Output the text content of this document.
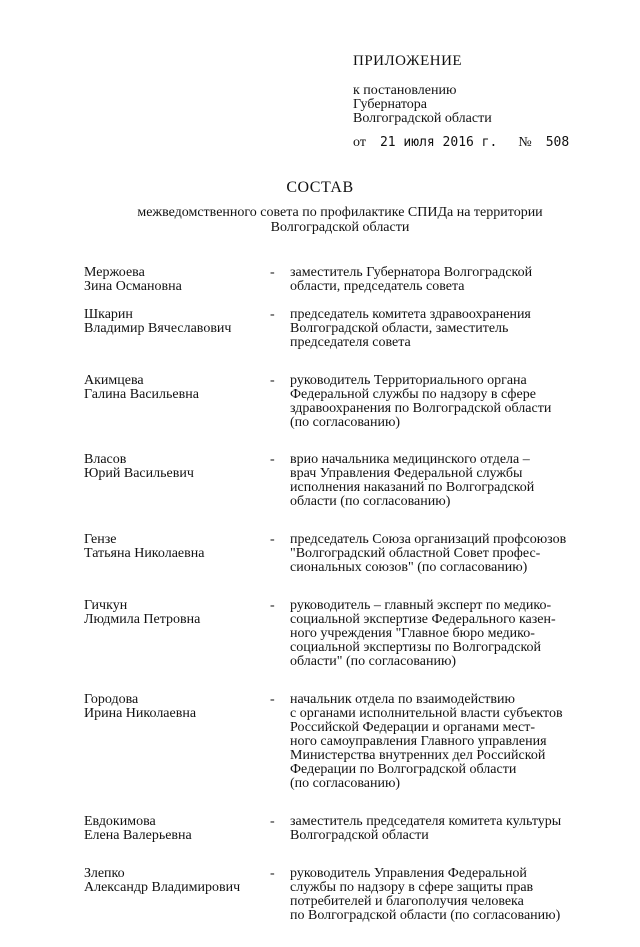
ПРИЛОЖЕНИЕ
к постановлению
Губернатора
Волгоградской области
от 21 июля 2016 г. № 508
СОСТАВ
межведомственного совета по профилактике СПИДа на территории
Волгоградской области
Мержоева
Зина Османовна
-	заместитель Губернатора Волгоградской
области, председатель совета
Шкарин
Владимир Вячеславович
-	председатель комитета здравоохранения
Волгоградской области, заместитель
председателя совета
Акимцева
Галина Васильевна
-	руководитель Территориального органа
Федеральной службы по надзору в сфере
здравоохранения по Волгоградской области
(по согласованию)
Власов
Юрий Васильевич
-	врио начальника медицинского отдела –
врач Управления Федеральной службы
исполнения наказаний по Волгоградской
области (по согласованию)
Гензе
Татьяна Николаевна
-	председатель Союза организаций профсоюзов
"Волгоградский областной Совет профес-
сиональных союзов" (по согласованию)
Гичкун
Людмила Петровна
-	руководитель – главный эксперт по медико-
социальной экспертизе Федерального казен-
ного учреждения "Главное бюро медико-
социальной экспертизы по Волгоградской
области" (по согласованию)
Городова
Ирина Николаевна
-	начальник отдела по взаимодействию
с органами исполнительной власти субъектов
Российской Федерации и органами мест-
ного самоуправления Главного управления
Министерства внутренних дел Российской
Федерации по Волгоградской области
(по согласованию)
Евдокимова
Елена Валерьевна
-	заместитель председателя комитета культуры
Волгоградской области
Злепко
Александр Владимирович
-	руководитель Управления Федеральной
службы по надзору в сфере защиты прав
потребителей и благополучия человека
по Волгоградской области (по согласованию)
